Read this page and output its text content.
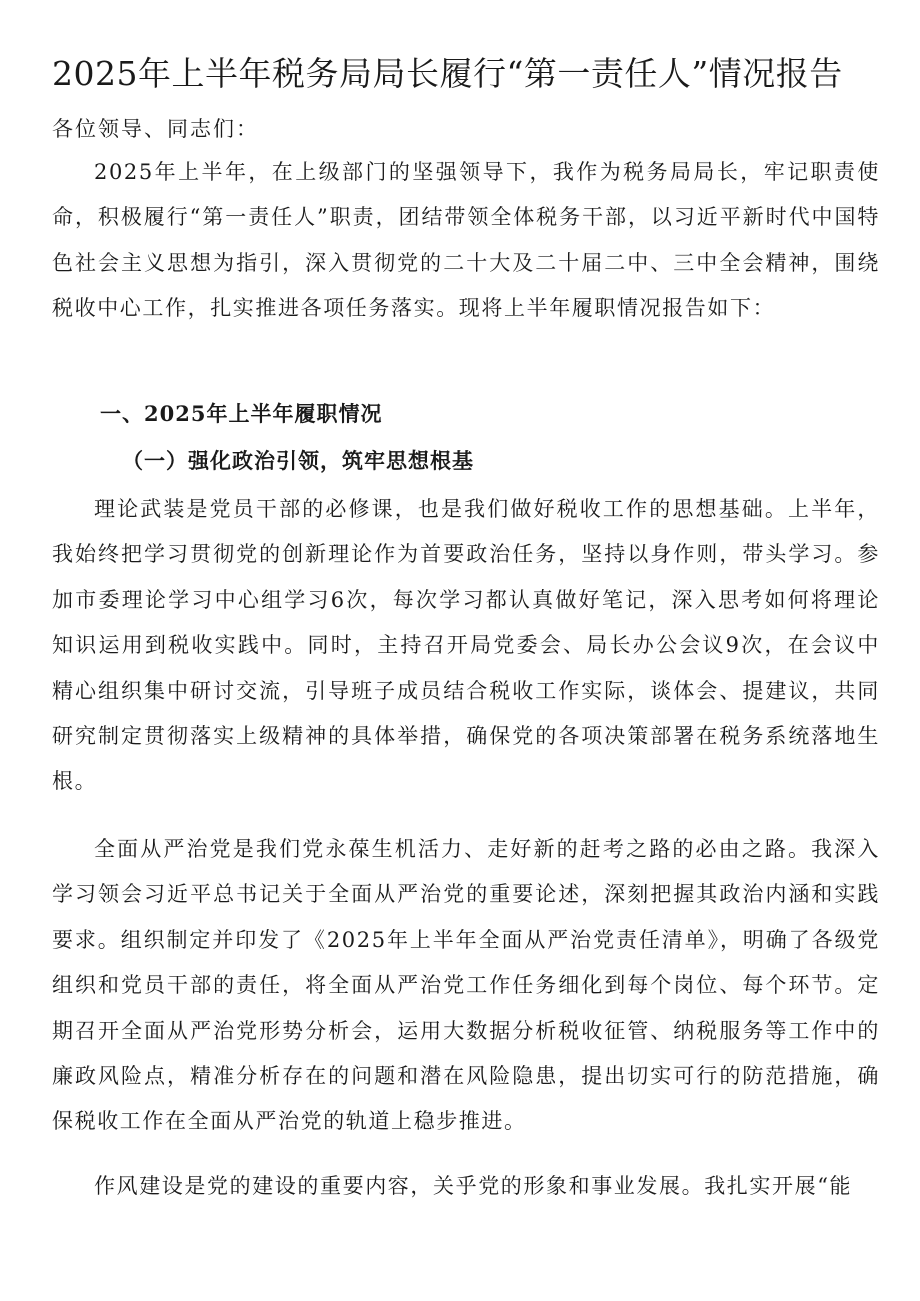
2025年上半年税务局局长履行“第一责任人”情况报告

各位领导、同志们：

2025年上半年，在上级部门的坚强领导下，我作为税务局局长，牢记职责使命，积极履行“第一责任人”职责，团结带领全体税务干部，以习近平新时代中国特色社会主义思想为指引，深入贯彻党的二十大及二十届二中、三中全会精神，围绕税收中心工作，扎实推进各项任务落实。现将上半年履职情况报告如下：

一、2025年上半年履职情况
（一）强化政治引领，筑牢思想根基

理论武装是党员干部的必修课，也是我们做好税收工作的思想基础。上半年，我始终把学习贯彻党的创新理论作为首要政治任务，坚持以身作则，带头学习。参加市委理论学习中心组学习6次，每次学习都认真做好笔记，深入思考如何将理论知识运用到税收实践中。同时，主持召开局党委会、局长办公会议9次，在会议中精心组织集中研讨交流，引导班子成员结合税收工作实际，谈体会、提建议，共同研究制定贯彻落实上级精神的具体举措，确保党的各项决策部署在税务系统落地生根。

全面从严治党是我们党永葆生机活力、走好新的赶考之路的必由之路。我深入学习领会习近平总书记关于全面从严治党的重要论述，深刻把握其政治内涵和实践要求。组织制定并印发了《2025年上半年全面从严治党责任清单》，明确了各级党组织和党员干部的责任，将全面从严治党工作任务细化到每个岗位、每个环节。定期召开全面从严治党形势分析会，运用大数据分析税收征管、纳税服务等工作中的廉政风险点，精准分析存在的问题和潜在风险隐患，提出切实可行的防范措施，确保税收工作在全面从严治党的轨道上稳步推进。

作风建设是党的建设的重要内容，关乎党的形象和事业发展。我扎实开展“能
